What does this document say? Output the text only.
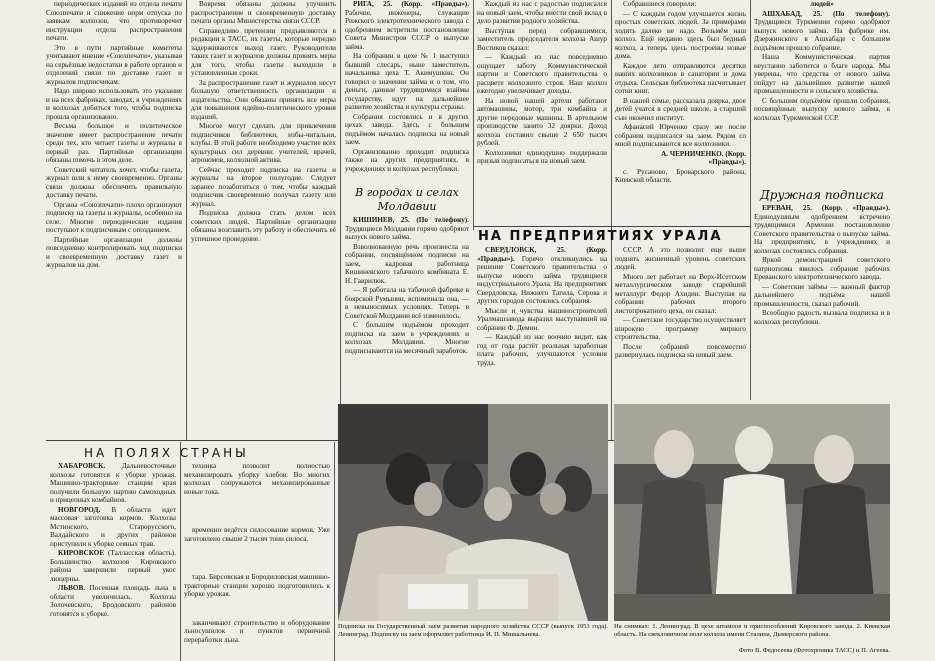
периодических изданий из отдела печати Союзпечати и снижение норм отпуска по заявкам колхозов, что противоречит инструкции отдела распространения печати.

Это в пути партийные комитеты учитывают мнение «Союзпечати», указывая на серьёзные недостатки в работе органов и отделений связи по доставке газет и журналов подписчикам.

Надо широко использовать это указание и на всех фабриках, заводах, в учреждениях и колхозах добиться того, чтобы подписка прошла организованно.

Весьма большое и политическое значение имеет распространение печати среди тех, кто читает газеты и журналы в первый раз. Партийные организации обязаны помочь в этом деле.

Советский читатель хочет, чтобы газета, журнал шли к нему своевременно. Органы связи должны обеспечить правильную доставку печати.

Органы «Союзпечати» плохо организуют подписку на газеты и журналы, особенно на селе. Многие периодические издания поступают к подписчикам с опозданием.

Партийные организации должны повседневно контролировать ход подписки и своевременную доставку газет и журналов на дом.

Вовремя обязаны должны улучшить распространение и своевременную доставку печати органы Министерства связи СССР.

Справедливо претензии предъявляются в редакции к ТАСС, их газеты, которые нередко задерживаются выход газет. Руководители таких газет и журналов должны принять меры для того, чтобы газеты выходили в установленные сроки.

За распространение газет и журналов несут большую ответственность организации и издательства. Они обязаны принять все меры для повышения идейно-политического уровня изданий.

Многое могут сделать для привлечения подписчиков библиотеки, избы-читальни, клубы. В этой работе необходимо участие всех культурных сил деревни: учителей, врачей, агрономов, колхозной актива.

Сейчас проходит подписка на газеты и журналы на второе полугодие. Следует заранее позаботиться о том, чтобы каждый подписчик своевременно получал газету или журнал.

Подписка должна стать делом всех советских людей. Партийные организации обязаны возглавить эту работу и обеспечить её успешное проведение.

РИГА, 25. (Корр. «Правды»). Рабочие, инженеры, служащие Рижского электротехнического завода с одобрением встретили постановление Совета Министров СССР о выпуске займа.

На собрании в цехе № 1 выступил бывший слесарь, ныне заместитель начальника цеха Т. Акимушкин. Он говорил о значении займа и о том, что деньги, данные трудящимися взаймы государству, идут на дальнейшее развитие хозяйства и культуры страны.

Собрания состоялись и в других цехах завода. Здесь с большим подъёмом началась подписка на новый заем.

Организованно проходит подписка также на других предприятиях, в учреждениях и колхозах республики.

В городах и селах Молдавии

КИШИНЕВ, 25. (По телефону). Трудящиеся Молдавии горячо одобряют выпуск нового займа.

Взволнованную речь произнесла на собрании, посвящённом подписке на заем, кадровая работница Кишиневского табачного комбината Е. Н. Гаврилюк.

— Я работала на табачной фабрике в боярской Румынии, вспоминала она, — в невыносимых условиях. Теперь в Советской Молдавии всё изменилось.

С большим подъёмом проходит подписка на заем в учреждениях и колхозах Молдавии. Многие подписываются на месячный заработок.

Каждый из нас с радостью подписался на новый заем, чтобы внести свой вклад в дело развития родного хозяйства.

Выступая перед собравшимися, заместитель председателя колхоза Ашур Востиков сказал:

— Каждый из нас повседневно ощущает заботу Коммунистической партии и Советского правительства о расцвете колхозного строя. Наш колхоз ежегодно увеличивает доходы.

На новой нашей артели работают автомашины, мотор, три комбайна и другие передовые машины. В артельном производстве занято 32 доярки. Доход колхоза составил свыше 2 650 тысяч рублей.

Колхозники единодушно поддержали призыв подписаться на новый заем.

НА ПРЕДПРИЯТИЯХ УРАЛА

СВЕРДЛОВСК, 25. (Корр. «Правды»). Горячо откликнулись на решение Советского правительства о выпуске нового займа трудящиеся индустриального Урала. На предприятиях Свердловска, Нижнего Тагила, Серова и других городов состоялись собрания.

Мысли и чувства машиностроителей Уралмашзавода выразил выступавший на собрании Ф. Демин.

— Каждый из нас воочию видит, как год от года растёт реальная заработная плата рабочих, улучшаются условия труда.

СССР. А это позволит еще выше поднять жизненный уровень советских людей.

Много лет работает на Верх-Исетском металлургическом заводе старейший металлург Федор Ахидин. Выступая на собрании рабочих второго листопрокатного цеха, он сказал:

— Советское государство осуществляет широкую программу мирного строительства.

После собраний повсеместно развернулась подписка на новый заем.

Собравшиеся говорили:

— С каждым годом улучшается жизнь простых советских людей. За примерами ходить далеко не надо. Возьмём наш колхоз. Ещё недавно здесь был бедный колхоз, а теперь здесь построены новые дома.

Каждое лето отправляются десятки наших колхозников в санатории и дома отдыха. Сельская библиотека насчитывает сотни книг.

В нашей семье, рассказала доярка, двое детей учатся в средней школе, а старший сын окончил институт.

Афанасий Юрченко сразу же после собрания подписался на заем. Рядом со мной подписываются все колхозники.

А. ЧЕРНИЧЕНКО. (Корр. «Правды»).

с. Русаново, Броварского района, Киевской области.

людей»

АШХАБАД, 25. (По телефону). Трудящиеся Туркмении горячо одобряют выпуск нового займа. На фабрике им. Дзержинского в Ашхабаде с большим подъёмом прошло собрание.

Наша Коммунистическая партия неустанно заботится о благе народа. Мы уверены, что средства от нового займа пойдут на дальнейшее развитие нашей промышленности и сельского хозяйства.

С большим подъёмом прошли собрания, посвящённые выпуску нового займа, в колхозах Туркменской ССР.

Дружная подписка

ЕРЕВАН, 25. (Корр. «Правды»). Единодушным одобрением встречено трудящимися Армении постановление Советского правительства о выпуске займа. На предприятиях, в учреждениях и колхозах состоялись собрания.

Яркой демонстрацией советского патриотизма явилось собрание рабочих Ереванского электротехнического завода.

— Советские займы — важный фактор дальнейшего подъёма нашей промышленности, сказал рабочий.

Всеобщую радость вызвала подписка и в колхозах республики.

НА ПОЛЯХ СТРАНЫ

ХАБАРОВСК. Дальневосточные колхозы готовятся к уборке урожая. Машинно-тракторные станции края получили большую партию самоходных и прицепных комбайнов.

НОВГОРОД. В области идет массовая заготовка кормов. Колхозы Мстинского, Старорусского, Валдайского и других районов приступили к уборке сеяных трав.

КИРОВСКОЕ (Талласская область). Большинство колхозов Кировского района завершили первый укос люцерны.

ЛЬВОВ. Посевная площадь льна в области увеличилась. Колхозы Золочевского, Бродовского районов готовятся к уборке.

техника позволит полностью механизировать уборку хлебов. Во многих колхозах сооружаются механизированные новые тока.

временно ведётся силосование кормов. Уже заготовлено свыше 2 тысяч тонн силоса.

тара. Бирсовская и Бородиловская машинно-тракторные станции хорошо подготовились к уборке урожая.

заканчивают строительство и оборудование льносушилок и пунктов первичной переработки льна.

Подписка на Государственный заем развития народного хозяйства СССР (выпуск 1953 года). Ленинград. Подписку на заем оформляет работница И. П. Мишальнева.
На снимках: 1. Ленинград. В цехе штампов и приспособлений Кировского завода. 2. Киевская область. На свекловичном поле колхоза имени Сталина, Дымерского района.
Фото В. Федосеева (Фотохроника ТАСС) и П. Агеева.
